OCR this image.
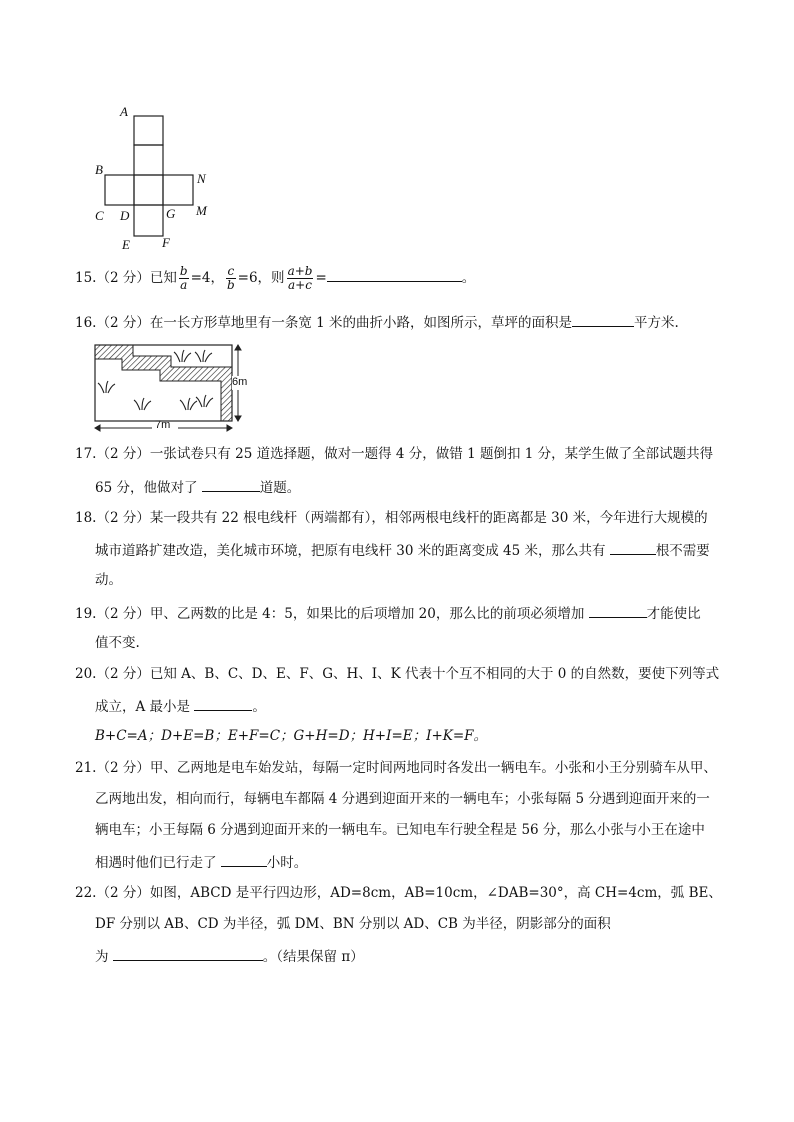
A
B
N
C D	G M
E F
15.（2 分）已知 $\frac{b}{a} =4$， $\frac{c}{b} =6$，则 $\frac{a+b}{a+c}$ =	。
16.（2 分）在一长方形草地里有一条宽 1 米的曲折小路，如图所示，草坪的面积是	平方米.
6m
7m
17.（2 分）一张试卷只有 25 道选择题，做对一题得 4 分，做错 1 题倒扣 1 分，某学生做了全部试题共得
65 分，他做对了	道题。
18.（2 分）某一段共有 22 根电线杆（两端都有），相邻两根电线杆的距离都是 30 米，今年进行大规模的
城市道路扩建改造，美化城市环境，把原有电线杆 30 米的距离变成 45 米，那么共有	根不需要
动。
19.（2 分）甲、乙两数的比是 4：5，如果比的后项增加 20，那么比的前项必须增加	才能使比
值不变.
20.（2 分）已知 A、B、C、D、E、F、G、H、I、K 代表十个互不相同的大于 0 的自然数，要使下列等式
成立，A 最小是	。
B+C=A；D+E=B；E+F=C；G+H=D；H+I=E；I+K=F。
21.（2 分）甲、乙两地是电车始发站，每隔一定时间两地同时各发出一辆电车。小张和小王分别骑车从甲、
乙两地出发，相向而行，每辆电车都隔 4 分遇到迎面开来的一辆电车；小张每隔 5 分遇到迎面开来的一
辆电车；小王每隔 6 分遇到迎面开来的一辆电车。已知电车行驶全程是 56 分，那么小张与小王在途中
相遇时他们已行走了	小时。
22.（2 分）如图，ABCD 是平行四边形，AD=8cm，AB=10cm，∠DAB=30°，高 CH=4cm，弧 BE、
DF 分别以 AB、CD 为半径，弧 DM、BN 分别以 AD、CB 为半径，阴影部分的面积
为	。（结果保留 π）
